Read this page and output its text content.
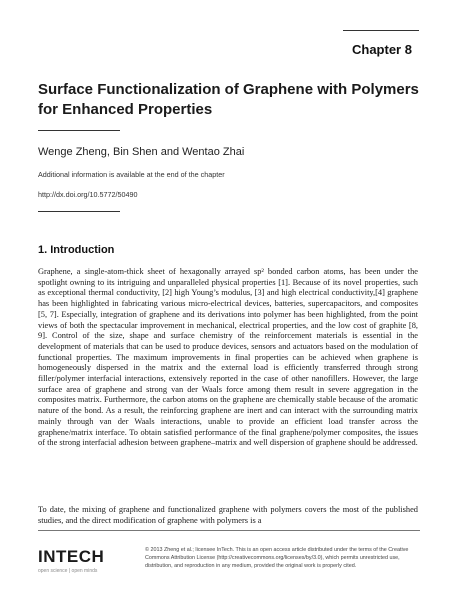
Chapter 8
Surface Functionalization of Graphene with Polymers for Enhanced Properties
Wenge Zheng, Bin Shen and Wentao Zhai
Additional information is available at the end of the chapter
http://dx.doi.org/10.5772/50490
1. Introduction

Graphene, a single-atom-thick sheet of hexagonally arrayed sp² bonded carbon atoms, has been under the spotlight owning to its intriguing and unparalleled physical properties [1]. Because of its novel properties, such as exceptional thermal conductivity, [2] high Young’s modulus, [3] and high electrical conductivity,[4] graphene has been highlighted in fabricating various micro-electrical devices, batteries, supercapacitors, and composites [5, 7]. Especially, integration of graphene and its derivations into polymer has been highlighted, from the point views of both the spectacular improvement in mechanical, electrical properties, and the low cost of graphite [8, 9]. Control of the size, shape and surface chemistry of the reinforcement materials is essential in the development of materials that can be used to produce devices, sensors and actuators based on the modulation of functional properties. The maximum improvements in final properties can be achieved when graphene is homogeneously dispersed in the matrix and the external load is efficiently transferred through strong filler/polymer interfacial interactions, extensively reported in the case of other nanofillers. However, the large surface area of graphene and strong van der Waals force among them result in severe aggregation in the composites matrix. Furthermore, the carbon atoms on the graphene are chemically stable because of the aromatic nature of the bond. As a result, the reinforcing graphene are inert and can interact with the surrounding matrix mainly through van der Waals interactions, unable to provide an efficient load transfer across the graphene/matrix interface. To obtain satisfied performance of the final graphene/polymer composites, the issues of the strong interfacial adhesion between graphene–matrix and well dispersion of graphene should be addressed.

To date, the mixing of graphene and functionalized graphene with polymers covers the most of the published studies, and the direct modification of graphene with polymers is a

INTECH
open science | open minds
© 2013 Zheng et al.; licensee InTech. This is an open access article distributed under the terms of the Creative Commons Attribution License (http://creativecommons.org/licenses/by/3.0), which permits unrestricted use, distribution, and reproduction in any medium, provided the original work is properly cited.
